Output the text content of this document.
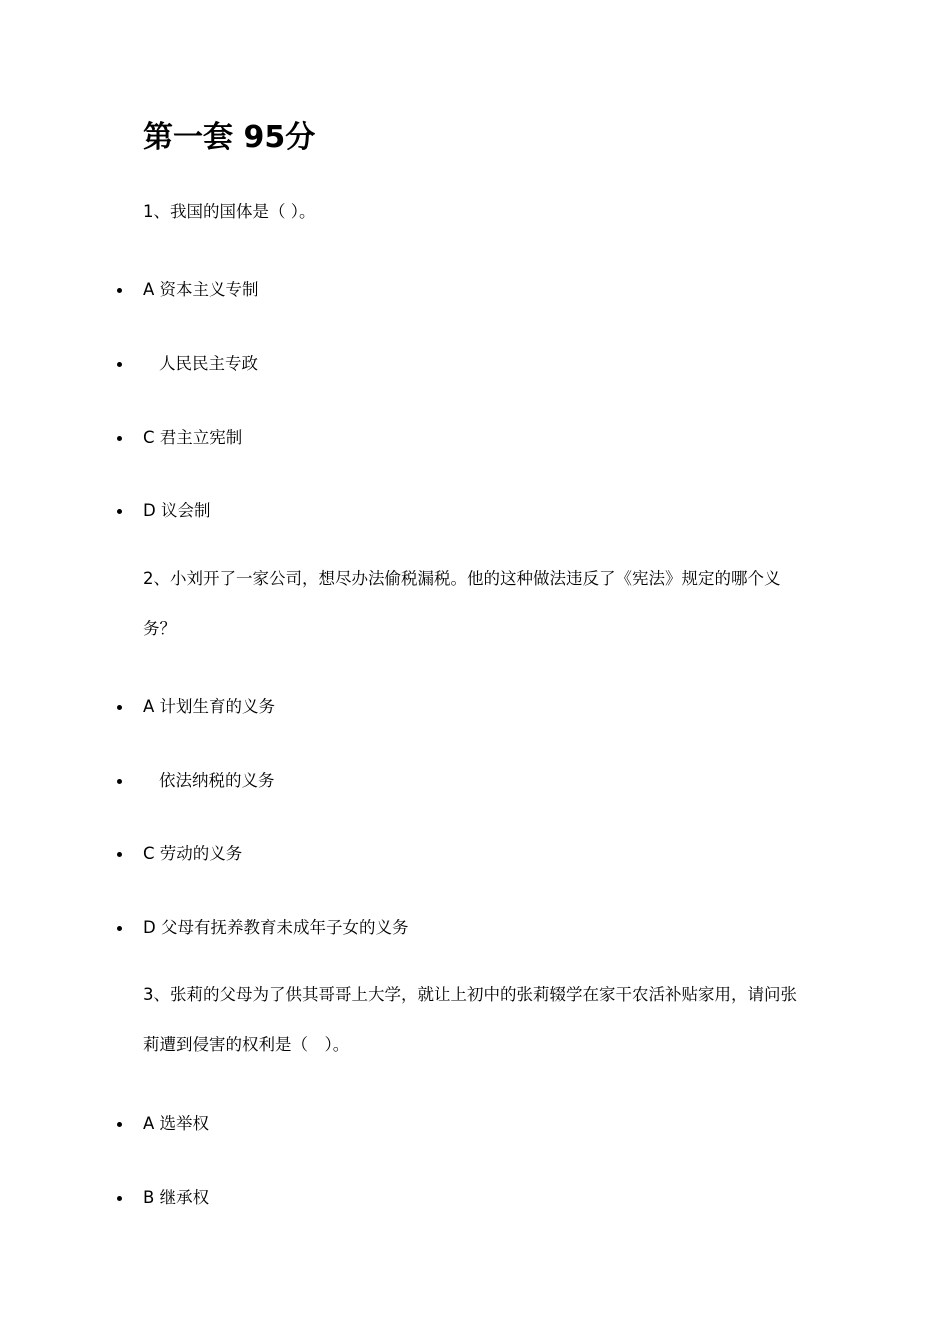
第一套 95分

1、我国的国体是（ ）。

A 资本主义专制
人民民主专政
C 君主立宪制
D 议会制

2、小刘开了一家公司，想尽办法偷税漏税。他的这种做法违反了《宪法》规定的哪个义务？

A 计划生育的义务
依法纳税的义务
C 劳动的义务
D 父母有抚养教育未成年子女的义务

3、张莉的父母为了供其哥哥上大学，就让上初中的张莉辍学在家干农活补贴家用，请问张莉遭到侵害的权利是（　）。

A 选举权
B 继承权
